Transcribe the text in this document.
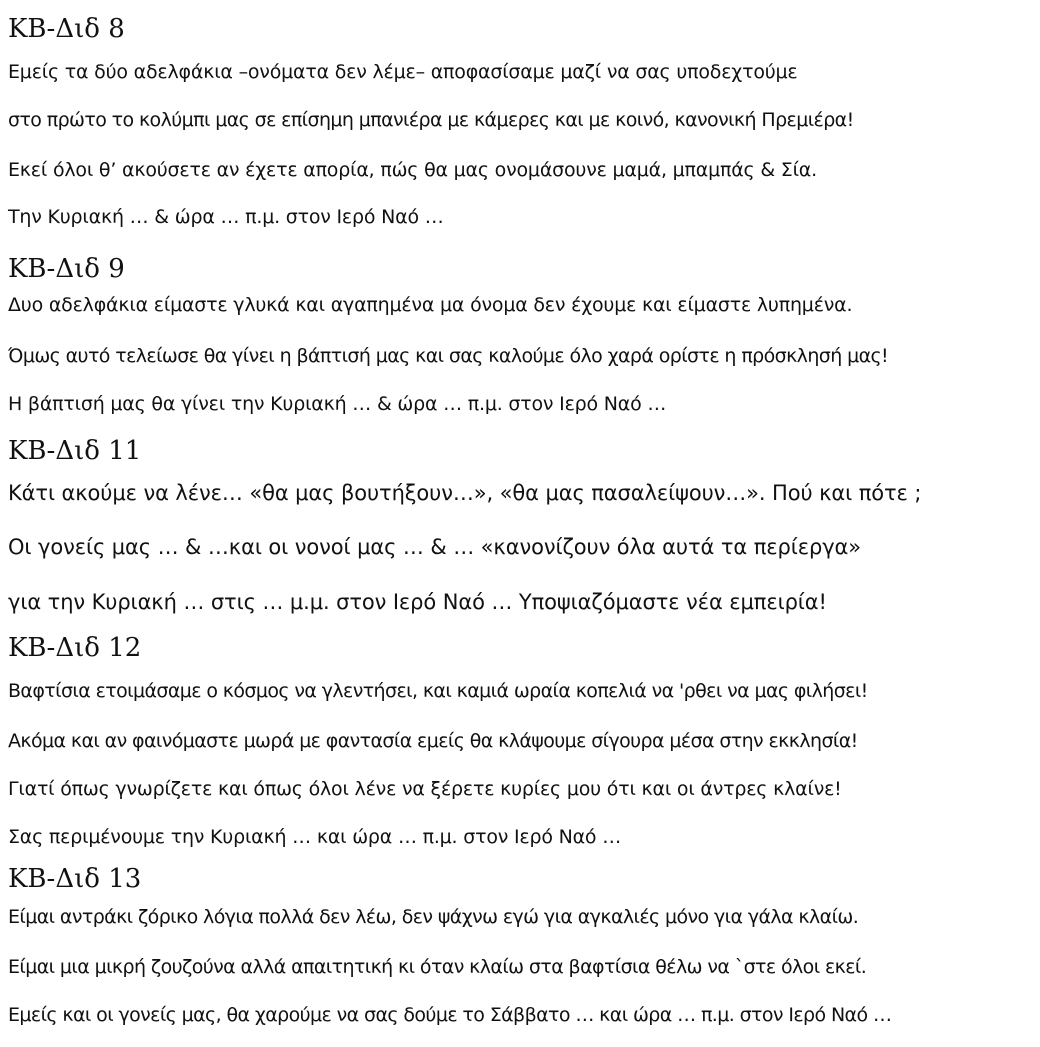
ΚΒ-Διδ 8
Εμείς τα δύο αδελφάκια –ονόματα δεν λέμε– αποφασίσαμε μαζί να σας υποδεχτούμε
στο πρώτο το κολύμπι μας σε επίσημη μπανιέρα με κάμερες και με κοινό, κανονική Πρεμιέρα!
Εκεί όλοι θ’ ακούσετε αν έχετε απορία, πώς θα μας ονομάσουνε μαμά, μπαμπάς & Σία.
Την Κυριακή … & ώρα … π.μ. στον Ιερό Ναό …
ΚΒ-Διδ 9
Δυο αδελφάκια είμαστε γλυκά και αγαπημένα μα όνομα δεν έχουμε και είμαστε λυπημένα.
Όμως αυτό τελείωσε θα γίνει η βάπτισή μας και σας καλούμε όλο χαρά ορίστε η πρόσκλησή μας!
Η βάπτισή μας θα γίνει την Κυριακή … & ώρα … π.μ. στον Ιερό Ναό …
ΚΒ-Διδ 11
Κάτι ακούμε να λένε… «θα μας βουτήξουν…», «θα μας πασαλείψουν…». Πού και πότε ;
Οι γονείς μας … & …και οι νονοί μας … & … «κανονίζουν όλα αυτά τα περίεργα»
για την Κυριακή … στις … μ.μ. στον Ιερό Ναό … Υποψιαζόμαστε νέα εμπειρία!
ΚΒ-Διδ 12
Βαφτίσια ετοιμάσαμε ο κόσμος να γλεντήσει, και καμιά ωραία κοπελιά να 'ρθει να μας φιλήσει!
Ακόμα και αν φαινόμαστε μωρά με φαντασία εμείς θα κλάψουμε σίγουρα μέσα στην εκκλησία!
Γιατί όπως γνωρίζετε και όπως όλοι λένε να ξέρετε κυρίες μου ότι και οι άντρες κλαίνε!
Σας περιμένουμε την Κυριακή … και ώρα … π.μ. στον Ιερό Ναό …
ΚΒ-Διδ 13
Είμαι αντράκι ζόρικο λόγια πολλά δεν λέω, δεν ψάχνω εγώ για αγκαλιές μόνο για γάλα κλαίω.
Είμαι μια μικρή ζουζούνα αλλά απαιτητική κι όταν κλαίω στα βαφτίσια θέλω να `στε όλοι εκεί.
Εμείς και οι γονείς μας, θα χαρούμε να σας δούμε το Σάββατο … και ώρα … π.μ. στον Ιερό Ναό …
